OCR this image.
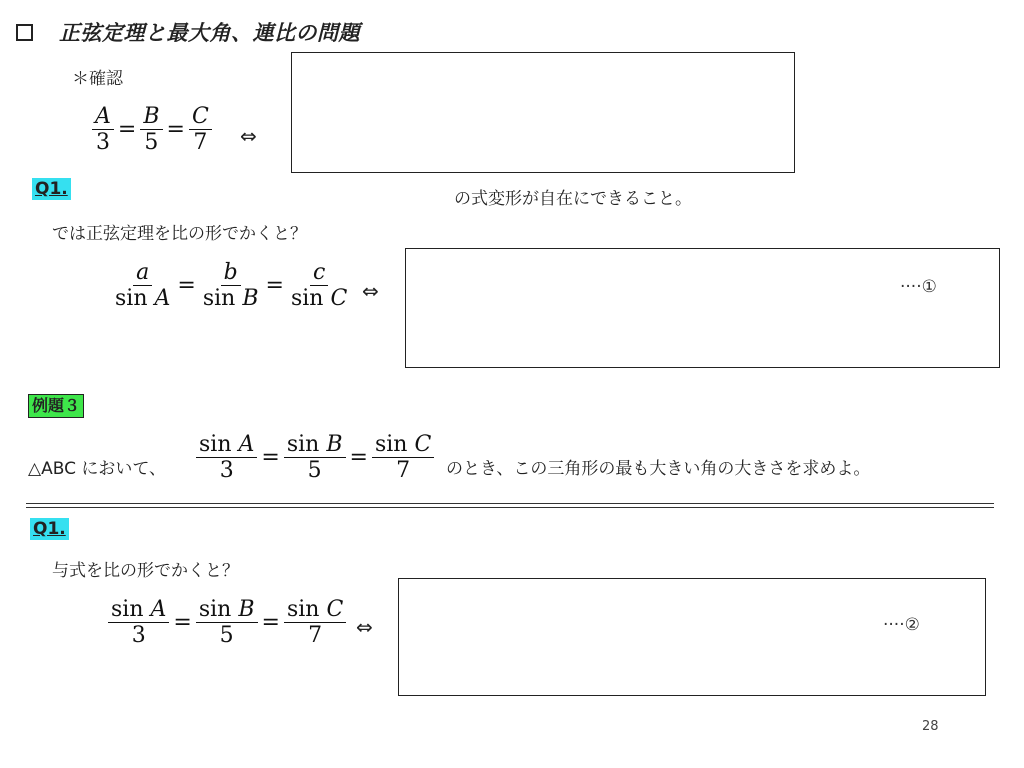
正弦定理と最大角、連比の問題
＊確認
$\frac{A}{3} = \frac{B}{5} = \frac{C}{7}$ ⇔
Q1.	の式変形が自在にできること。
では正弦定理を比の形でかくと？
$\frac{a}{\text{sin A}} = \frac{b}{\text{sin B}} = \frac{c}{\text{sin C}}$ ⇔	····①
例題３
△ABC において、 $\frac{\text{sin A}}{3} = \frac{\text{sin B}}{5} = \frac{\text{sin C}}{7}$ のとき、この三角形の最も大きい角の大きさを求めよ。
Q1.
与式を比の形でかくと？
$\frac{\text{sin A}}{3} = \frac{\text{sin B}}{5} = \frac{\text{sin C}}{7}$ ⇔	····②
28
